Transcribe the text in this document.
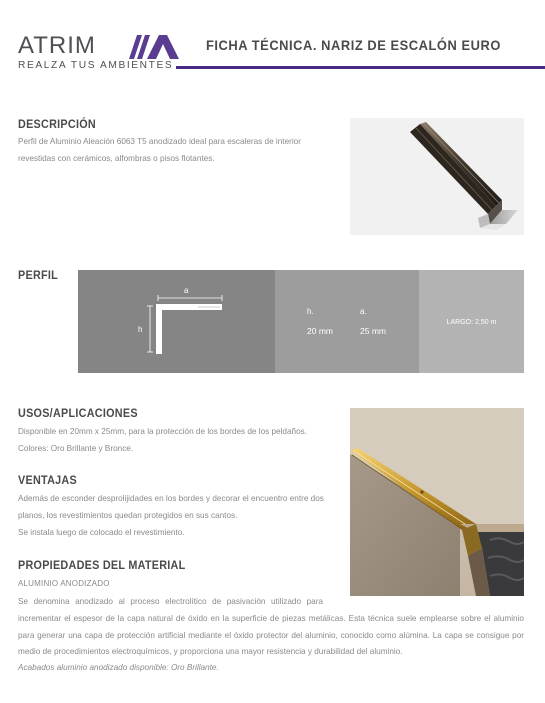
ATRIM
REALZA TUS AMBIENTES
FICHA TÉCNICA. NARIZ DE ESCALÓN EURO
DESCRIPCIÓN
Perfil de Aluminio Aleación 6063 T5 anodizado ideal para escaleras de interior
revestidas con cerámicos, alfombras o pisos flotantes.
PERFIL
a
h
h.	a.
20 mm	25 mm
LARGO: 2,50 m
USOS/APLICACIONES
Disponible en 20mm x 25mm, para la protección de los bordes de los peldaños.
Colores: Oro Brillante y Bronce.
VENTAJAS
Además de esconder desprolijidades en los bordes y decorar el encuentro entre dos
planos, los revestimientos quedan protegidos en sus cantos.
Se instala luego de colocado el revestimiento.
PROPIEDADES DEL MATERIAL
ALUMINIO ANODIZADO
Se denomina anodizado al proceso electrolítico de pasivación utilizado para
incrementar el espesor de la capa natural de óxido en la superficie de piezas metálicas. Esta técnica suele emplearse sobre el aluminio para generar una capa de protección artificial mediante el óxido protector del aluminio, conocido como alúmina. La capa se consigue por medio de procedimientos electroquímicos, y proporciona una mayor resistencia y durabilidad del aluminio.
Acabados aluminio anodizado disponible: Oro Brillante.
